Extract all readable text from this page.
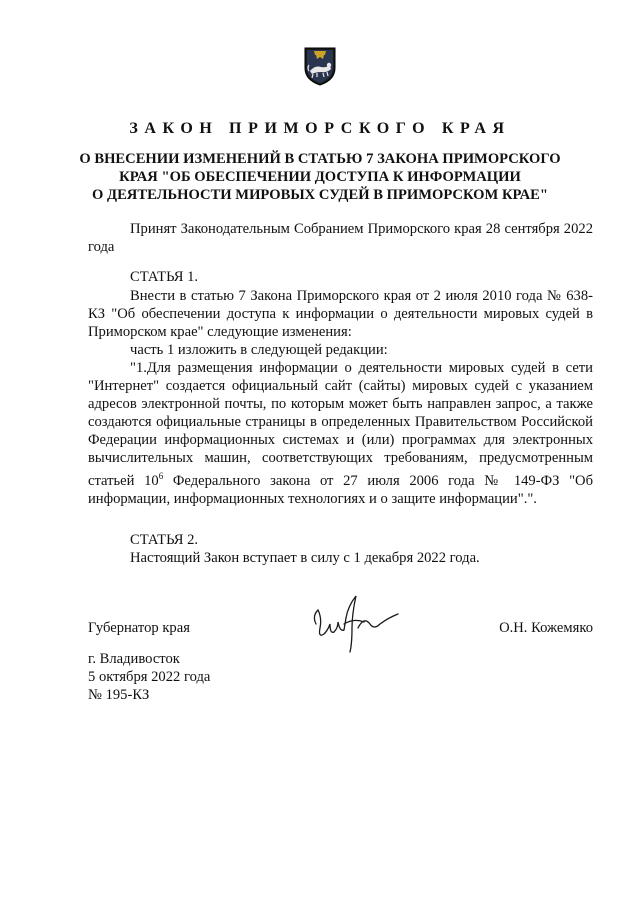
ЗАКОН ПРИМОРСКОГО КРАЯ
О ВНЕСЕНИИ ИЗМЕНЕНИЙ В СТАТЬЮ 7 ЗАКОНА ПРИМОРСКОГО
КРАЯ "ОБ ОБЕСПЕЧЕНИИ ДОСТУПА К ИНФОРМАЦИИ
О ДЕЯТЕЛЬНОСТИ МИРОВЫХ СУДЕЙ В ПРИМОРСКОМ КРАЕ"
Принят Законодательным Собранием Приморского края 28 сентября 2022 года
СТАТЬЯ 1.
Внести в статью 7 Закона Приморского края от 2 июля 2010 года № 638-КЗ "Об обеспечении доступа к информации о деятельности мировых судей в Приморском крае" следующие изменения:
часть 1 изложить в следующей редакции:
"1.Для размещения информации о деятельности мировых судей в сети "Интернет" создается официальный сайт (сайты) мировых судей с указанием адресов электронной почты, по которым может быть направлен запрос, а также создаются официальные страницы в определенных Правительством Российской Федерации информационных системах и (или) программах для электронных вычислительных машин, соответствующих требованиям, предусмотренным статьей $10^6$ Федерального закона от 27 июля 2006 года № 149-ФЗ "Об информации, информационных технологиях и о защите информации".".
СТАТЬЯ 2.
Настоящий Закон вступает в силу с 1 декабря 2022 года.
Губернатор края	О.Н. Кожемяко
г. Владивосток
5 октября 2022 года
№ 195-КЗ
